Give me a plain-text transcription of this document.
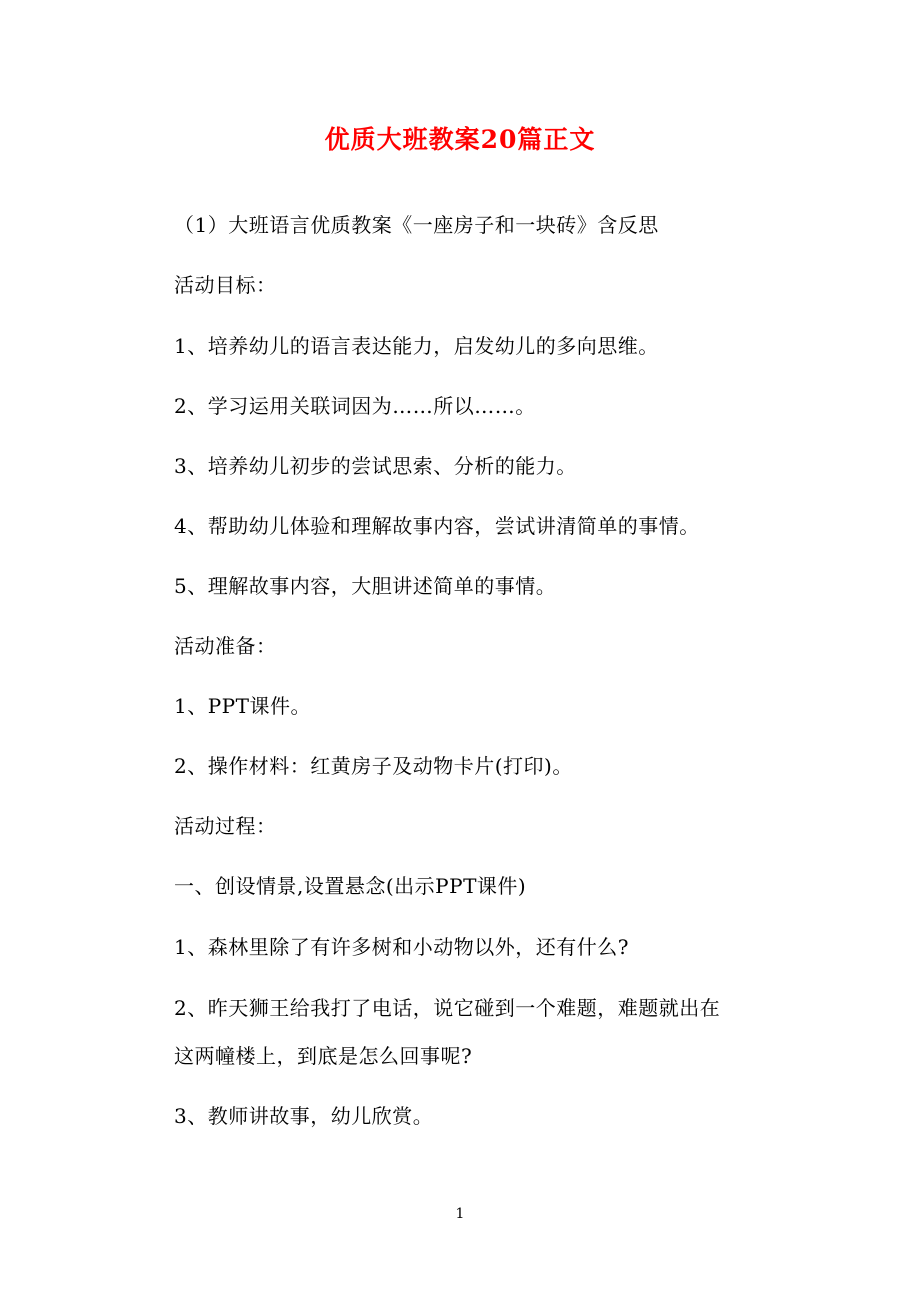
优质大班教案20篇正文
（1）大班语言优质教案《一座房子和一块砖》含反思
活动目标：
1、培养幼儿的语言表达能力，启发幼儿的多向思维。
2、学习运用关联词因为……所以……。
3、培养幼儿初步的尝试思索、分析的能力。
4、帮助幼儿体验和理解故事内容，尝试讲清简单的事情。
5、理解故事内容，大胆讲述简单的事情。
活动准备：
1、PPT课件。
2、操作材料：红黄房子及动物卡片(打印)。
活动过程：
一、创设情景,设置悬念(出示PPT课件)
1、森林里除了有许多树和小动物以外，还有什么?
2、昨天狮王给我打了电话，说它碰到一个难题，难题就出在
这两幢楼上，到底是怎么回事呢?
3、教师讲故事，幼儿欣赏。
1
